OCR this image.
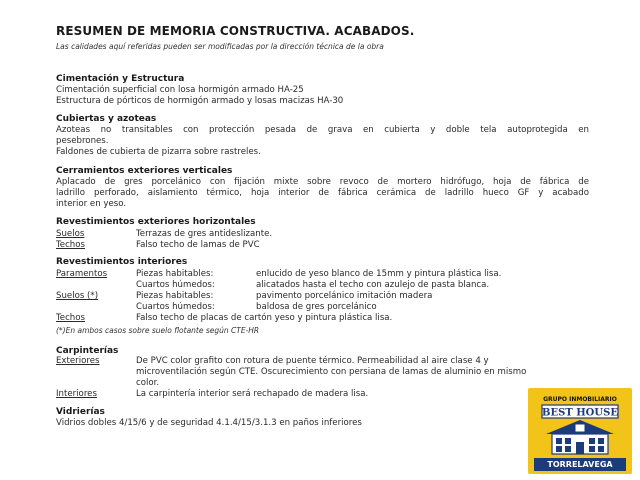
RESUMEN DE MEMORIA CONSTRUCTIVA. ACABADOS.
Las calidades aquí referidas pueden ser modificadas por la dirección técnica de la obra
Cimentación y Estructura
Cimentación superficial con losa hormigón armado HA-25
Estructura de pórticos de hormigón armado y losas macizas HA-30
Cubiertas y azoteas
Azoteas no transitables con protección pesada de grava en cubierta y doble tela autoprotegida en
pesebrones.
Faldones de cubierta de pizarra sobre rastreles.
Cerramientos exteriores verticales
Aplacado de gres porcelánico con fijación mixte sobre revoco de mortero hidrófugo, hoja de fábrica de
ladrillo perforado, aislamiento térmico, hoja interior de fábrica cerámica de ladrillo hueco GF y acabado
interior en yeso.
Revestimientos exteriores horizontales
Suelos	Terrazas de gres antideslizante.
Techos	Falso techo de lamas de PVC
Revestimientos interiores
Paramentos	Piezas habitables:	enlucido de yeso blanco de 15mm y pintura plástica lisa.
Cuartos húmedos:	alicatados hasta el techo con azulejo de pasta blanca.
Suelos (*)	Piezas habitables:	pavimento porcelánico imitación madera
Cuartos húmedos:	baldosa de gres porcelánico
Techos	Falso techo de placas de cartón yeso y pintura plástica lisa.
(*)En ambos casos sobre suelo flotante según CTE-HR
Carpinterías
Exteriores	De PVC color grafito con rotura de puente térmico. Permeabilidad al aire clase 4 y
microventilación según CTE. Oscurecimiento con persiana de lamas de aluminio en mismo
color.
Interiores	La carpintería interior será rechapado de madera lisa.
Vidrierías
Vidrios dobles 4/15/6 y de seguridad 4.1.4/15/3.1.3 en paños inferiores
GRUPO INMOBILIARIO
BEST HOUSE
TORRELAVEGA
